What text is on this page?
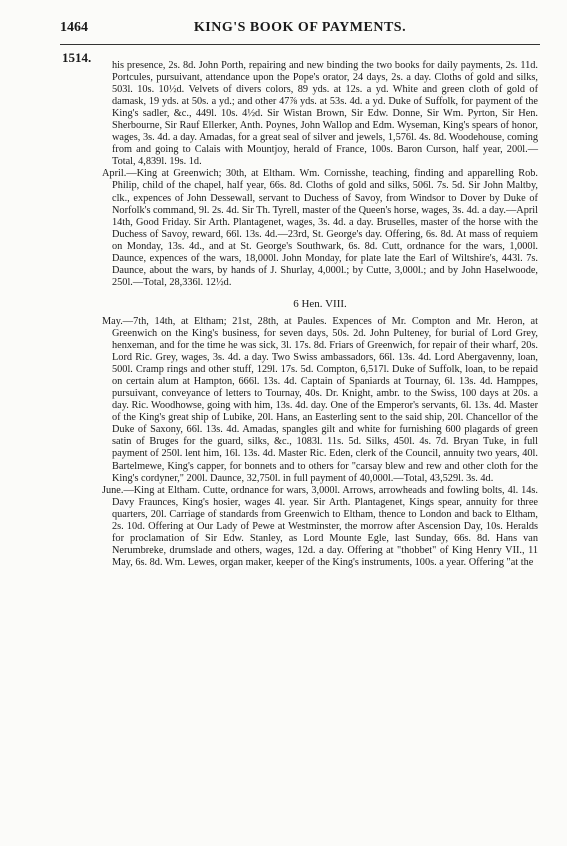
1464	KING'S BOOK OF PAYMENTS.
1514.

his presence, 2s. 8d. John Porth, repairing and new binding the two books for daily payments, 2s. 11d. Portcules, pursuivant, attendance upon the Pope's orator, 24 days, 2s. a day. Cloths of gold and silks, 503l. 10s. 10½d. Velvets of divers colors, 89 yds. at 12s. a yd. White and green cloth of gold of damask, 19 yds. at 50s. a yd.; and other 47⅞ yds. at 53s. 4d. a yd. Duke of Suffolk, for payment of the King's sadler, &c., 449l. 10s. 4½d. Sir Wistan Brown, Sir Edw. Donne, Sir Wm. Pyrton, Sir Hen. Sherbourne, Sir Rauf Ellerker, Anth. Poynes, John Wallop and Edm. Wyseman, King's spears of honor, wages, 3s. 4d. a day. Amadas, for a great seal of silver and jewels, 1,576l. 4s. 8d. Woodehouse, coming from and going to Calais with Mountjoy, herald of France, 100s. Baron Curson, half year, 200l.—Total, 4,839l. 19s. 1d.

April.—King at Greenwich; 30th, at Eltham. Wm. Cornisshe, teaching, finding and apparelling Rob. Philip, child of the chapel, half year, 66s. 8d. Cloths of gold and silks, 506l. 7s. 5d. Sir John Maltby, clk., expences of John Dessewall, servant to Duchess of Savoy, from Windsor to Dover by Duke of Norfolk's command, 9l. 2s. 4d. Sir Th. Tyrell, master of the Queen's horse, wages, 3s. 4d. a day.—April 14th, Good Friday. Sir Arth. Plantagenet, wages, 3s. 4d. a day. Bruselles, master of the horse with the Duchess of Savoy, reward, 66l. 13s. 4d.—23rd, St. George's day. Offering, 6s. 8d. At mass of requiem on Monday, 13s. 4d., and at St. George's Southwark, 6s. 8d. Cutt, ordnance for the wars, 1,000l. Daunce, expences of the wars, 18,000l. John Monday, for plate late the Earl of Wiltshire's, 443l. 7s. Daunce, about the wars, by hands of J. Shurlay, 4,000l.; by Cutte, 3,000l.; and by John Haselwoode, 250l.—Total, 28,336l. 12½d.

6 Hen. VIII.

May.—7th, 14th, at Eltham; 21st, 28th, at Paules. Expences of Mr. Compton and Mr. Heron, at Greenwich on the King's business, for seven days, 50s. 2d. John Pulteney, for burial of Lord Grey, henxeman, and for the time he was sick, 3l. 17s. 8d. Friars of Greenwich, for repair of their wharf, 20s. Lord Ric. Grey, wages, 3s. 4d. a day. Two Swiss ambassadors, 66l. 13s. 4d. Lord Abergavenny, loan, 500l. Cramp rings and other stuff, 129l. 17s. 5d. Compton, 6,517l. Duke of Suffolk, loan, to be repaid on certain alum at Hampton, 666l. 13s. 4d. Captain of Spaniards at Tournay, 6l. 13s. 4d. Hamppes, pursuivant, conveyance of letters to Tournay, 40s. Dr. Knight, ambr. to the Swiss, 100 days at 20s. a day. Ric. Woodhowse, going with him, 13s. 4d. day. One of the Emperor's servants, 6l. 13s. 4d. Master of the King's great ship of Lubike, 20l. Hans, an Easterling sent to the said ship, 20l. Chancellor of the Duke of Saxony, 66l. 13s. 4d. Amadas, spangles gilt and white for furnishing 600 plagards of green satin of Bruges for the guard, silks, &c., 1083l. 11s. 5d. Silks, 450l. 4s. 7d. Bryan Tuke, in full payment of 250l. lent him, 16l. 13s. 4d. Master Ric. Eden, clerk of the Council, annuity two years, 40l. Bartelmewe, King's capper, for bonnets and to others for "carsay blew and rew and other cloth for the King's cordyner," 200l. Daunce, 32,750l. in full payment of 40,000l.—Total, 43,529l. 3s. 4d.

June.—King at Eltham. Cutte, ordnance for wars, 3,000l. Arrows, arrowheads and fowling bolts, 4l. 14s. Davy Fraunces, King's hosier, wages 4l. year. Sir Arth. Plantagenet, Kings spear, annuity for three quarters, 20l. Carriage of standards from Greenwich to Eltham, thence to London and back to Eltham, 2s. 10d. Offering at Our Lady of Pewe at Westminster, the morrow after Ascension Day, 10s. Heralds for proclamation of Sir Edw. Stanley, as Lord Mounte Egle, last Sunday, 66s. 8d. Hans van Nerumbreke, drumslade and others, wages, 12d. a day. Offering at "thobbet" of King Henry VII., 11 May, 6s. 8d. Wm. Lewes, organ maker, keeper of the King's instruments, 100s. a year. Offering "at the
